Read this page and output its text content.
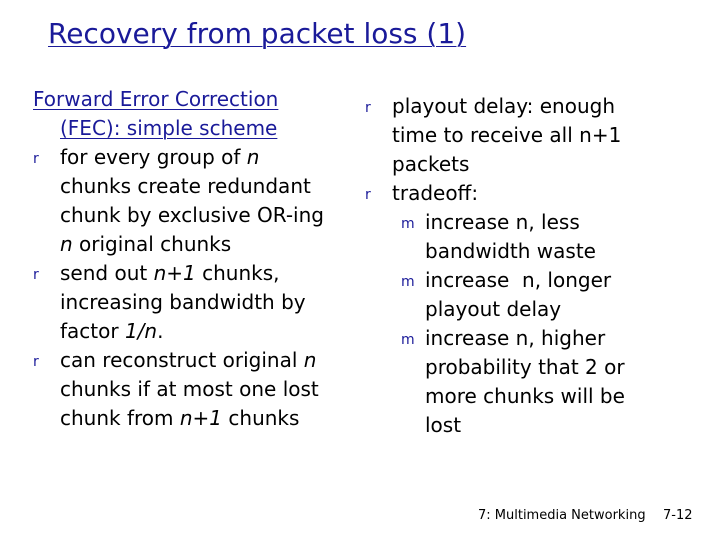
Recovery from packet loss (1)
Forward Error Correction
(FEC): simple scheme
r for every group of n
chunks create redundant
chunk by exclusive OR-ing
n original chunks
r send out n+1 chunks,
increasing bandwidth by
factor 1/n.
r can reconstruct original n
chunks if at most one lost
chunk from n+1 chunks
r playout delay: enough
time to receive all n+1
packets
r tradeoff:
m increase n, less
bandwidth waste
m increase  n, longer
playout delay
m increase n, higher
probability that 2 or
more chunks will be
lost
7: Multimedia Networking 7-12
